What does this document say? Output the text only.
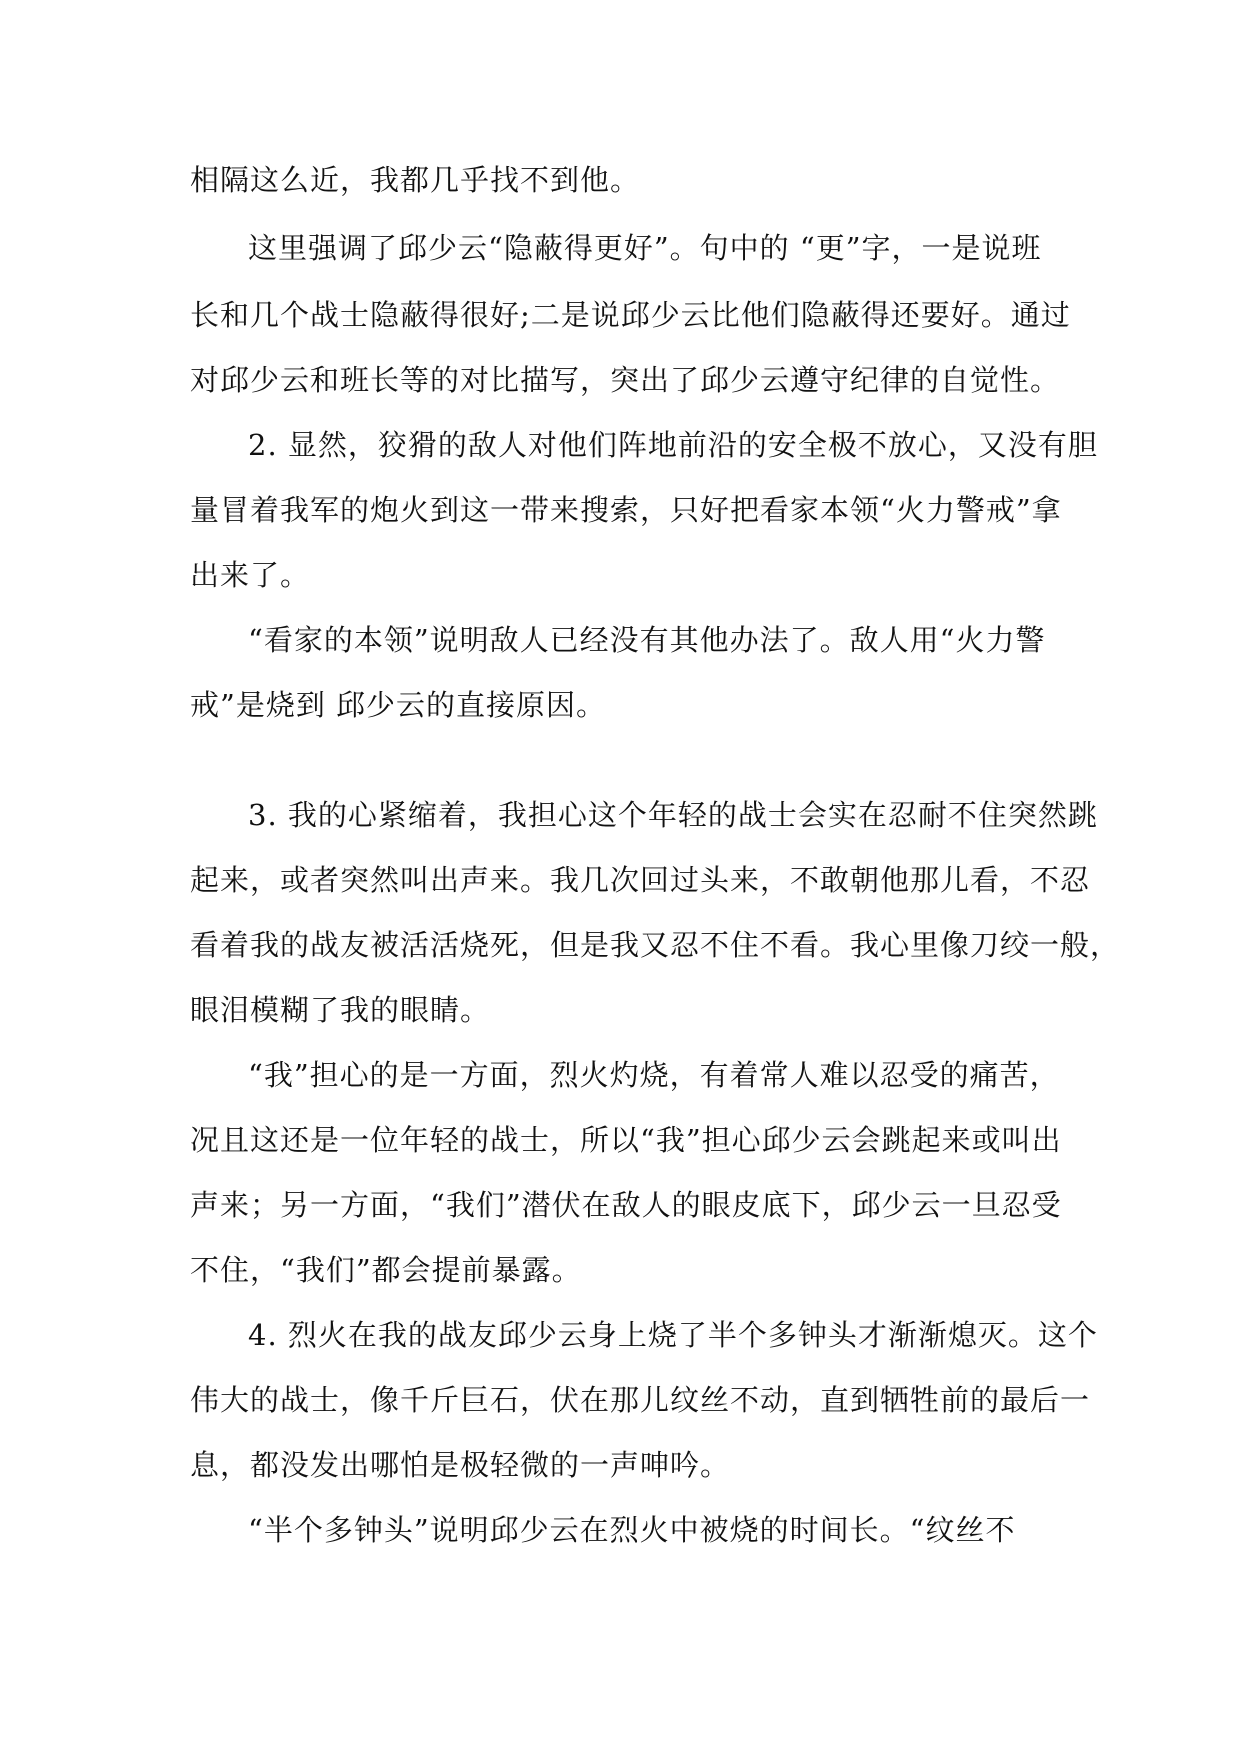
相隔这么近，我都几乎找不到他。
这里强调了邱少云“隐蔽得更好”。句中的 “更”字，一是说班
长和几个战士隐蔽得很好;二是说邱少云比他们隐蔽得还要好。通过
对邱少云和班长等的对比描写，突出了邱少云遵守纪律的自觉性。
2. 显然，狡猾的敌人对他们阵地前沿的安全极不放心，又没有胆
量冒着我军的炮火到这一带来搜索，只好把看家本领“火力警戒”拿
出来了。
“看家的本领”说明敌人已经没有其他办法了。敌人用“火力警
戒”是烧到 邱少云的直接原因。
3. 我的心紧缩着，我担心这个年轻的战士会实在忍耐不住突然跳
起来，或者突然叫出声来。我几次回过头来，不敢朝他那儿看，不忍
看着我的战友被活活烧死，但是我又忍不住不看。我心里像刀绞一般，
眼泪模糊了我的眼睛。
“我”担心的是一方面，烈火灼烧，有着常人难以忍受的痛苦，
况且这还是一位年轻的战士，所以“我”担心邱少云会跳起来或叫出
声来；另一方面，“我们”潜伏在敌人的眼皮底下，邱少云一旦忍受
不住，“我们”都会提前暴露。
4. 烈火在我的战友邱少云身上烧了半个多钟头才渐渐熄灭。这个
伟大的战士，像千斤巨石，伏在那儿纹丝不动，直到牺牲前的最后一
息，都没发出哪怕是极轻微的一声呻吟。
“半个多钟头”说明邱少云在烈火中被烧的时间长。“纹丝不
